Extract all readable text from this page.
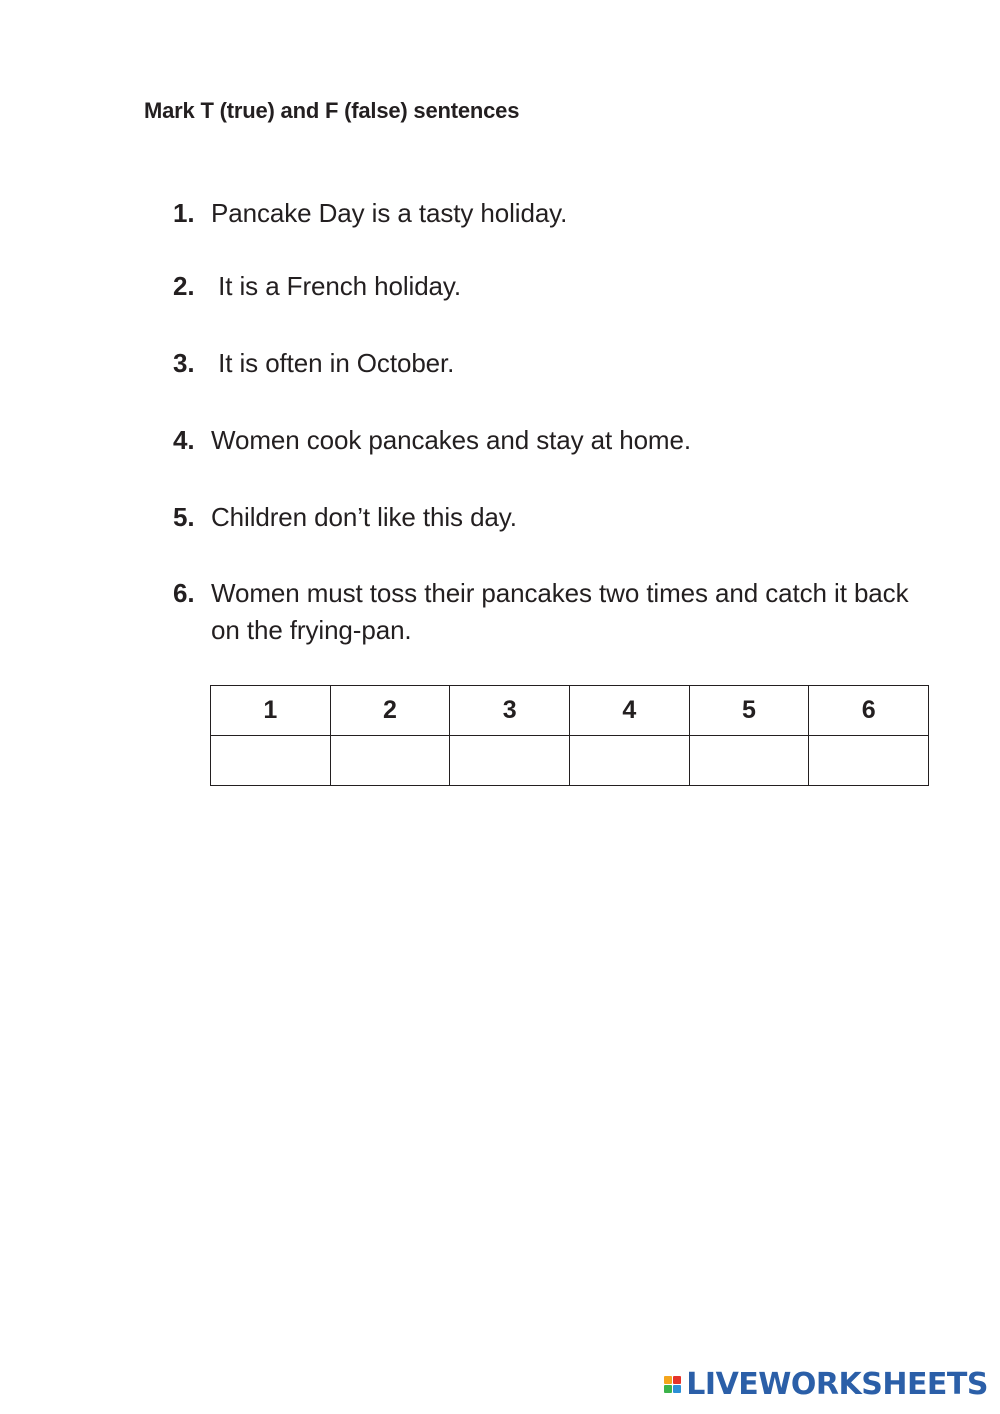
Mark T (true) and F (false) sentences
1. Pancake Day is a tasty holiday.
2. It is a French holiday.
3. It is often in October.
4. Women cook pancakes and stay at home.
5. Children don’t like this day.
6. Women must toss their pancakes two times and catch it back on the frying-pan.
1	2	3	4	5	6

LIVEWORKSHEETS
